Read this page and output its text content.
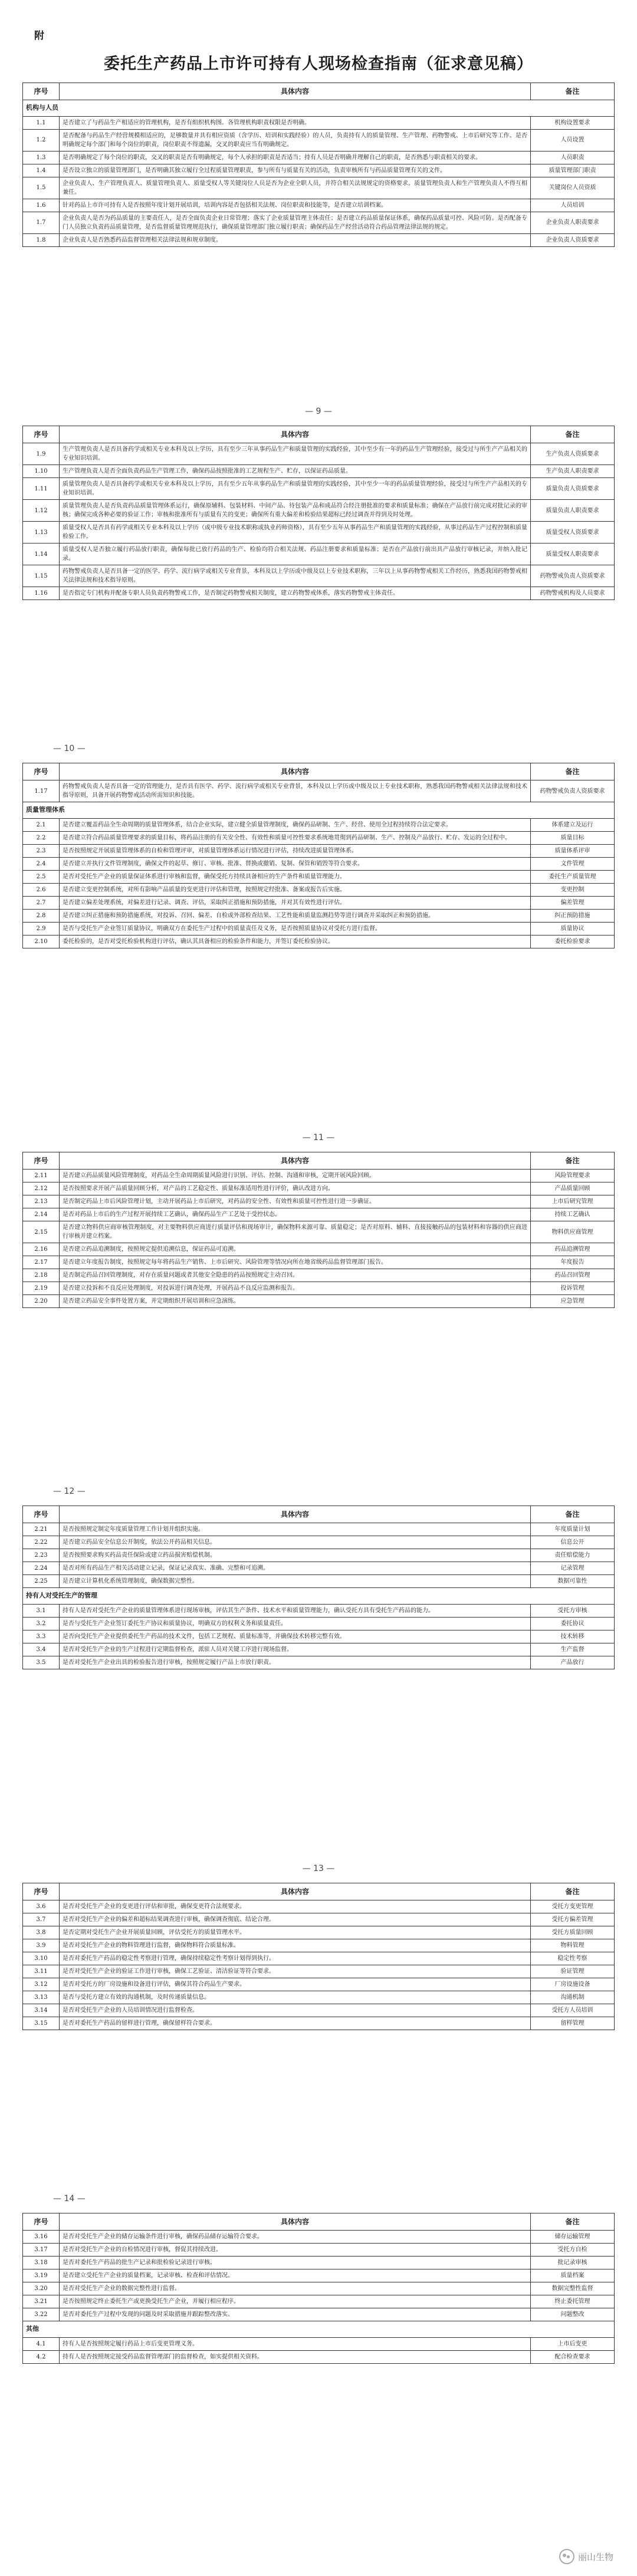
附
委托生产药品上市许可持有人现场检查指南（征求意见稿）
序号	具体内容	备注
机构与人员		
1.1	是否建立了与药品生产相适应的管理机构，是否有组织机构图。各管理机构职责权限是否明确。	机构设置要求
1.2	是否配备与药品生产经营规模相适应的，足够数量并具有相应资质（含学历、培训和实践经验）的人员，负责持有人的质量管理、生产管理、药物警戒、上市后研究等工作。是否明确规定每个部门和每个岗位的职责，岗位职责不得遗漏，交叉的职责应当有明确规定。	人员设置
1.3	是否明确规定了每个岗位的职责，交叉的职责是否有明确规定，每个人承担的职责是否适当；持有人员是否明确并理解自己的职责，是否熟悉与职责相关的要求。	人员职责
1.4	是否设立独立的质量管理部门，是否明确其独立履行全过程质量管理职责，参与所有与质量有关的活动，负责审核所有与药品质量管理有关的文件。	质量管理部门职责
1.5	企业负责人、生产管理负责人、质量管理负责人、质量受权人等关键岗位人员是否为企业全职人员，并符合相关法规规定的资格要求。质量管理负责人和生产管理负责人不得互相兼任。	关键岗位人员资质
1.6	针对药品上市许可持有人是否按照年度计划开展培训，培训内容是否包括相关法规、岗位职责和技能等，是否建立培训档案。	人员培训
1.7	企业负责人是否为药品质量的主要责任人，是否全面负责企业日常管理；落实了企业质量管理主体责任；是否建立药品质量保证体系，确保药品质量可控、风险可防。是否配备专门人员独立负责药品质量管理，是否监督质量管理规范执行，确保质量管理部门独立履行职责；确保药品生产经营活动符合药品管理法律法规的规定。	企业负责人职责要求
1.8	企业负责人是否熟悉药品监督管理相关法律法规和规章制度。	企业负责人资质要求
— 9 —
序号	具体内容	备注
1.9	生产管理负责人是否具备药学或相关专业本科及以上学历，具有至少三年从事药品生产和质量管理的实践经验，其中至少有一年的药品生产管理经验，接受过与所生产产品相关的专业知识培训。	生产负责人资质要求
1.10	生产管理负责人是否全面负责药品生产管理工作，确保药品按照批准的工艺规程生产、贮存，以保证药品质量。	生产负责人职责要求
1.11	质量管理负责人是否具备药学或相关专业本科及以上学历，具有至少五年从事药品生产和质量管理的实践经验，其中至少一年的药品质量管理经验，接受过与所生产产品相关的专业知识培训。	质量负责人资质要求
1.12	质量管理负责人是否负责药品质量管理体系运行，确保原辅料、包装材料、中间产品、待包装产品和成品符合经注册批准的要求和质量标准；确保在产品放行前完成对批记录的审核；确保完成各种必要的验证工作；审核和批准所有与质量有关的变更；确保所有重大偏差和检验结果超标已经过调查并得到及时处理。	质量负责人职责要求
1.13	质量受权人是否具有药学或相关专业本科及以上学历（或中级专业技术职称或执业药师资格），具有至少五年从事药品生产和质量管理的实践经验，从事过药品生产过程控制和质量检验工作。	质量受权人资质要求
1.14	质量受权人是否独立履行药品放行职责，确保每批已放行药品的生产、检验均符合相关法规、药品注册要求和质量标准；是否在产品放行前出具产品放行审核记录，并纳入批记录。	质量受权人职责要求
1.15	药物警戒负责人是否具备一定的医学、药学、流行病学或相关专业背景，本科及以上学历或中级及以上专业技术职称，三年以上从事药物警戒相关工作经历，熟悉我国药物警戒相关法律法规和技术指导原则。	药物警戒负责人资质要求
1.16	是否指定专门机构并配备专职人员负责药物警戒工作，是否制定药物警戒相关制度，建立药物警戒体系，落实药物警戒主体责任。	药物警戒机构及人员要求
— 10 —
序号	具体内容	备注
1.17	药物警戒负责人是否具备一定的管理能力，是否具有医学、药学、流行病学或相关专业背景，本科及以上学历或中级及以上专业技术职称，熟悉我国药物警戒相关法律法规和技术指导原则，具备开展药物警戒活动所需知识和技能。	药物警戒负责人资质要求
质量管理体系		
2.1	是否建立覆盖药品全生命周期的质量管理体系，结合企业实际，建立健全质量管理制度，确保药品研制、生产、经营、使用全过程持续符合法定要求。	体系建立及运行
2.2	是否建立符合药品质量管理要求的质量目标，将药品注册的有关安全性、有效性和质量可控性要求系统地贯彻到药品研制、生产、控制及产品放行、贮存、发运的全过程中。	质量目标
2.3	是否按照规定开展质量管理体系的自检和管理评审，对质量管理体系运行情况进行评估，持续改进质量管理体系。	质量体系评审
2.4	是否建立并执行文件管理制度，确保文件的起草、修订、审核、批准、替换或撤销、复制、保管和销毁等符合要求。	文件管理
2.5	是否对受托生产企业的质量保证体系进行审核和监督，确保受托方持续具备相应的生产条件和质量管理能力。	委托生产质量管理
2.6	是否建立变更控制系统，对所有影响产品质量的变更进行评估和管理，按照规定经批准、备案或报告后实施。	变更控制
2.7	是否建立偏差处理系统，对偏差进行记录、调查、评估，采取纠正措施和预防措施，并对其有效性进行评估。	偏差管理
2.8	是否建立纠正措施和预防措施系统，对投诉、召回、偏差、自检或外部检查结果、工艺性能和质量监测趋势等进行调查并采取纠正和预防措施。	纠正预防措施
2.9	是否与受托生产企业签订质量协议，明确双方在委托生产过程中的质量责任及义务，是否按照质量协议对受托方进行监督。	质量协议
2.10	委托检验的，是否对受托检验机构进行评估，确认其具备相应的检验条件和能力，并签订委托检验协议。	委托检验要求
— 11 —
序号	具体内容	备注
2.11	是否建立药品质量风险管理制度，对药品全生命周期质量风险进行识别、评估、控制、沟通和审核，定期开展风险回顾。	风险管理要求
2.12	是否按照要求开展产品质量回顾分析，对产品的工艺稳定性、质量标准适用性进行评价，确认改进方向。	产品质量回顾
2.13	是否制定药品上市后风险管理计划，主动开展药品上市后研究，对药品的安全性、有效性和质量可控性进行进一步确证。	上市后研究管理
2.14	是否对药品上市后的生产过程开展持续工艺确认，确保药品生产工艺处于受控状态。	持续工艺确认
2.15	是否建立物料供应商审核管理制度，对主要物料供应商进行质量评估和现场审计，确保物料来源可靠、质量稳定；是否对原料、辅料、直接接触药品的包装材料和容器的供应商进行审核并建立档案。	物料供应商管理
2.16	是否建立药品追溯制度，按照规定提供追溯信息，保证药品可追溯。	药品追溯管理
2.17	是否建立年度报告制度，按照规定每年将药品生产销售、上市后研究、风险管理等情况向所在地省级药品监督管理部门报告。	年度报告
2.18	是否制定药品召回管理制度，对存在质量问题或者其他安全隐患的药品按照规定主动召回。	药品召回管理
2.19	是否建立投诉和不良反应处理制度，对投诉进行调查处理，开展药品不良反应监测和报告。	投诉管理
2.20	是否建立药品安全事件处置方案，并定期组织开展培训和应急演练。	应急管理
— 12 —
序号	具体内容	备注
2.21	是否按照规定制定年度质量管理工作计划并组织实施。	年度质量计划
2.22	是否建立药品安全信息公开制度，依法公开药品相关信息。	信息公开
2.23	是否按照要求购买药品责任保险或建立药品损害赔偿机制。	责任赔偿能力
2.24	是否对所有药品生产相关活动建立记录，保证记录真实、准确、完整和可追溯。	记录管理
2.25	是否建立计算机化系统管理制度，确保数据完整性。	数据可靠性
持有人对受托生产的管理		
3.1	持有人是否对受托生产企业的质量管理体系进行现场审核，评估其生产条件、技术水平和质量管理能力，确认受托方具有受托生产药品的能力。	受托方审核
3.2	是否与受托生产企业签订委托生产协议和质量协议，明确双方的权利义务和质量责任。	委托协议
3.3	是否向受托生产企业提供委托生产药品的技术文件，包括工艺规程、质量标准等，并确保技术转移完整有效。	技术转移
3.4	是否对受托生产企业的生产过程进行定期监督检查，派驻人员对关键工序进行现场监督。	生产监督
3.5	是否对受托生产企业出具的检验报告进行审核，按照规定履行产品上市放行职责。	产品放行
— 13 —
序号	具体内容	备注
3.6	是否对受托生产企业的变更进行评估和审批，确保变更符合法规要求。	受托方变更管理
3.7	是否对受托生产企业的偏差和超标结果调查进行审核，确保调查彻底、结论合理。	受托方偏差管理
3.8	是否定期对受托生产企业开展质量回顾，评估受托方的质量管理水平。	受托方质量回顾
3.9	是否对受托生产企业的物料管理进行监督，确保物料符合质量标准。	物料管理
3.10	是否对委托生产药品的稳定性考察进行管理，确保持续稳定性考察计划得到执行。	稳定性考察
3.11	是否对受托生产企业的验证工作进行审核，确保工艺验证、清洁验证等符合要求。	验证管理
3.12	是否对受托方的厂房设施和设备进行评估，确保其符合药品生产要求。	厂房设施设备
3.13	是否与受托方建立有效的沟通机制，及时传递质量信息。	沟通机制
3.14	是否对受托生产企业的人员培训情况进行监督检查。	受托方人员培训
3.15	是否对委托生产药品的留样进行管理，确保留样符合要求。	留样管理
— 14 —
序号	具体内容	备注
3.16	是否对受托生产企业的储存运输条件进行审核，确保药品储存运输符合要求。	储存运输管理
3.17	是否对受托生产企业的自检情况进行审核，督促其持续改进。	受托方自检
3.18	是否对委托生产药品的批生产记录和批检验记录进行审核。	批记录审核
3.19	是否建立受托生产企业的质量档案，记录审核、检查和评估情况。	质量档案
3.20	是否对受托生产企业的数据完整性进行监督。	数据完整性监督
3.21	是否按照规定终止委托生产或更换受托生产企业，并履行相应程序。	终止委托管理
3.22	是否对委托生产过程中发现的问题及时采取措施并跟踪整改落实。	问题整改
其他		
4.1	持有人是否按照规定履行药品上市后变更管理义务。	上市后变更
4.2	持有人是否按照规定接受药品监督管理部门的监督检查，如实提供相关资料。	配合检查要求
丽山生物
